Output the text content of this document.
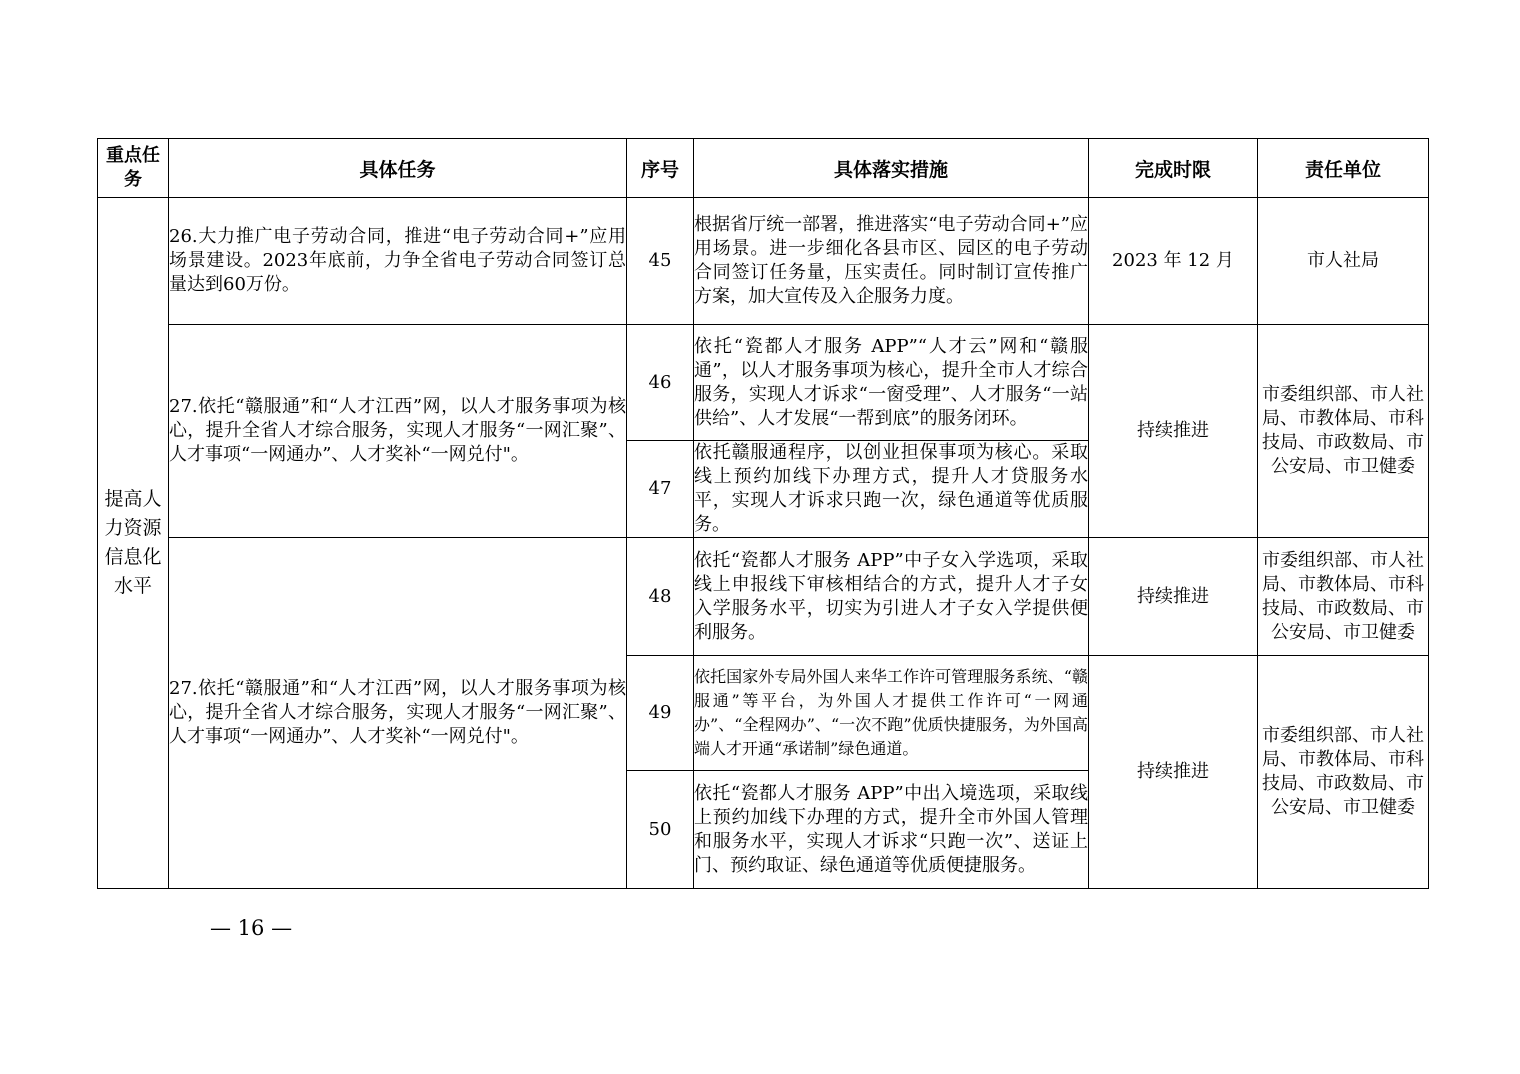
重点任务	具体任务	序号	具体落实措施	完成时限	责任单位
提高人力资源信息化水平	26.大力推广电子劳动合同，推进“电子劳动合同+”应用场景建设。2023年底前，力争全省电子劳动合同签订总量达到60万份。	45	根据省厅统一部署，推进落实“电子劳动合同+”应用场景。进一步细化各县市区、园区的电子劳动合同签订任务量，压实责任。同时制订宣传推广方案，加大宣传及入企服务力度。	2023 年 12 月	市人社局
	27.依托“赣服通”和“人才江西”网，以人才服务事项为核心，提升全省人才综合服务，实现人才服务“一网汇聚”、人才事项“一网通办”、人才奖补“一网兑付"。	46	依托“瓷都人才服务 APP”“人才云”网和“赣服通”，以人才服务事项为核心，提升全市人才综合服务，实现人才诉求“一窗受理”、人才服务“一站供给”、人才发展“一帮到底”的服务闭环。	持续推进	市委组织部、市人社局、市教体局、市科技局、市政数局、市公安局、市卫健委
		47	依托赣服通程序，以创业担保事项为核心。采取线上预约加线下办理方式，提升人才贷服务水平，实现人才诉求只跑一次，绿色通道等优质服务。		
	27.依托“赣服通”和“人才江西”网，以人才服务事项为核心，提升全省人才综合服务，实现人才服务“一网汇聚”、人才事项“一网通办”、人才奖补“一网兑付"。	48	依托“瓷都人才服务 APP”中子女入学选项，采取线上申报线下审核相结合的方式，提升人才子女入学服务水平，切实为引进人才子女入学提供便利服务。	持续推进	市委组织部、市人社局、市教体局、市科技局、市政数局、市公安局、市卫健委
		49	依托国家外专局外国人来华工作许可管理服务系统、“赣服通”等平台，为外国人才提供工作许可“一网通办”、“全程网办”、“一次不跑”优质快捷服务，为外国高端人才开通“承诺制”绿色通道。	持续推进	市委组织部、市人社局、市教体局、市科技局、市政数局、市公安局、市卫健委
		50	依托“瓷都人才服务 APP”中出入境选项，采取线上预约加线下办理的方式，提升全市外国人管理和服务水平，实现人才诉求“只跑一次”、送证上门、预约取证、绿色通道等优质便捷服务。		
— 16 —
